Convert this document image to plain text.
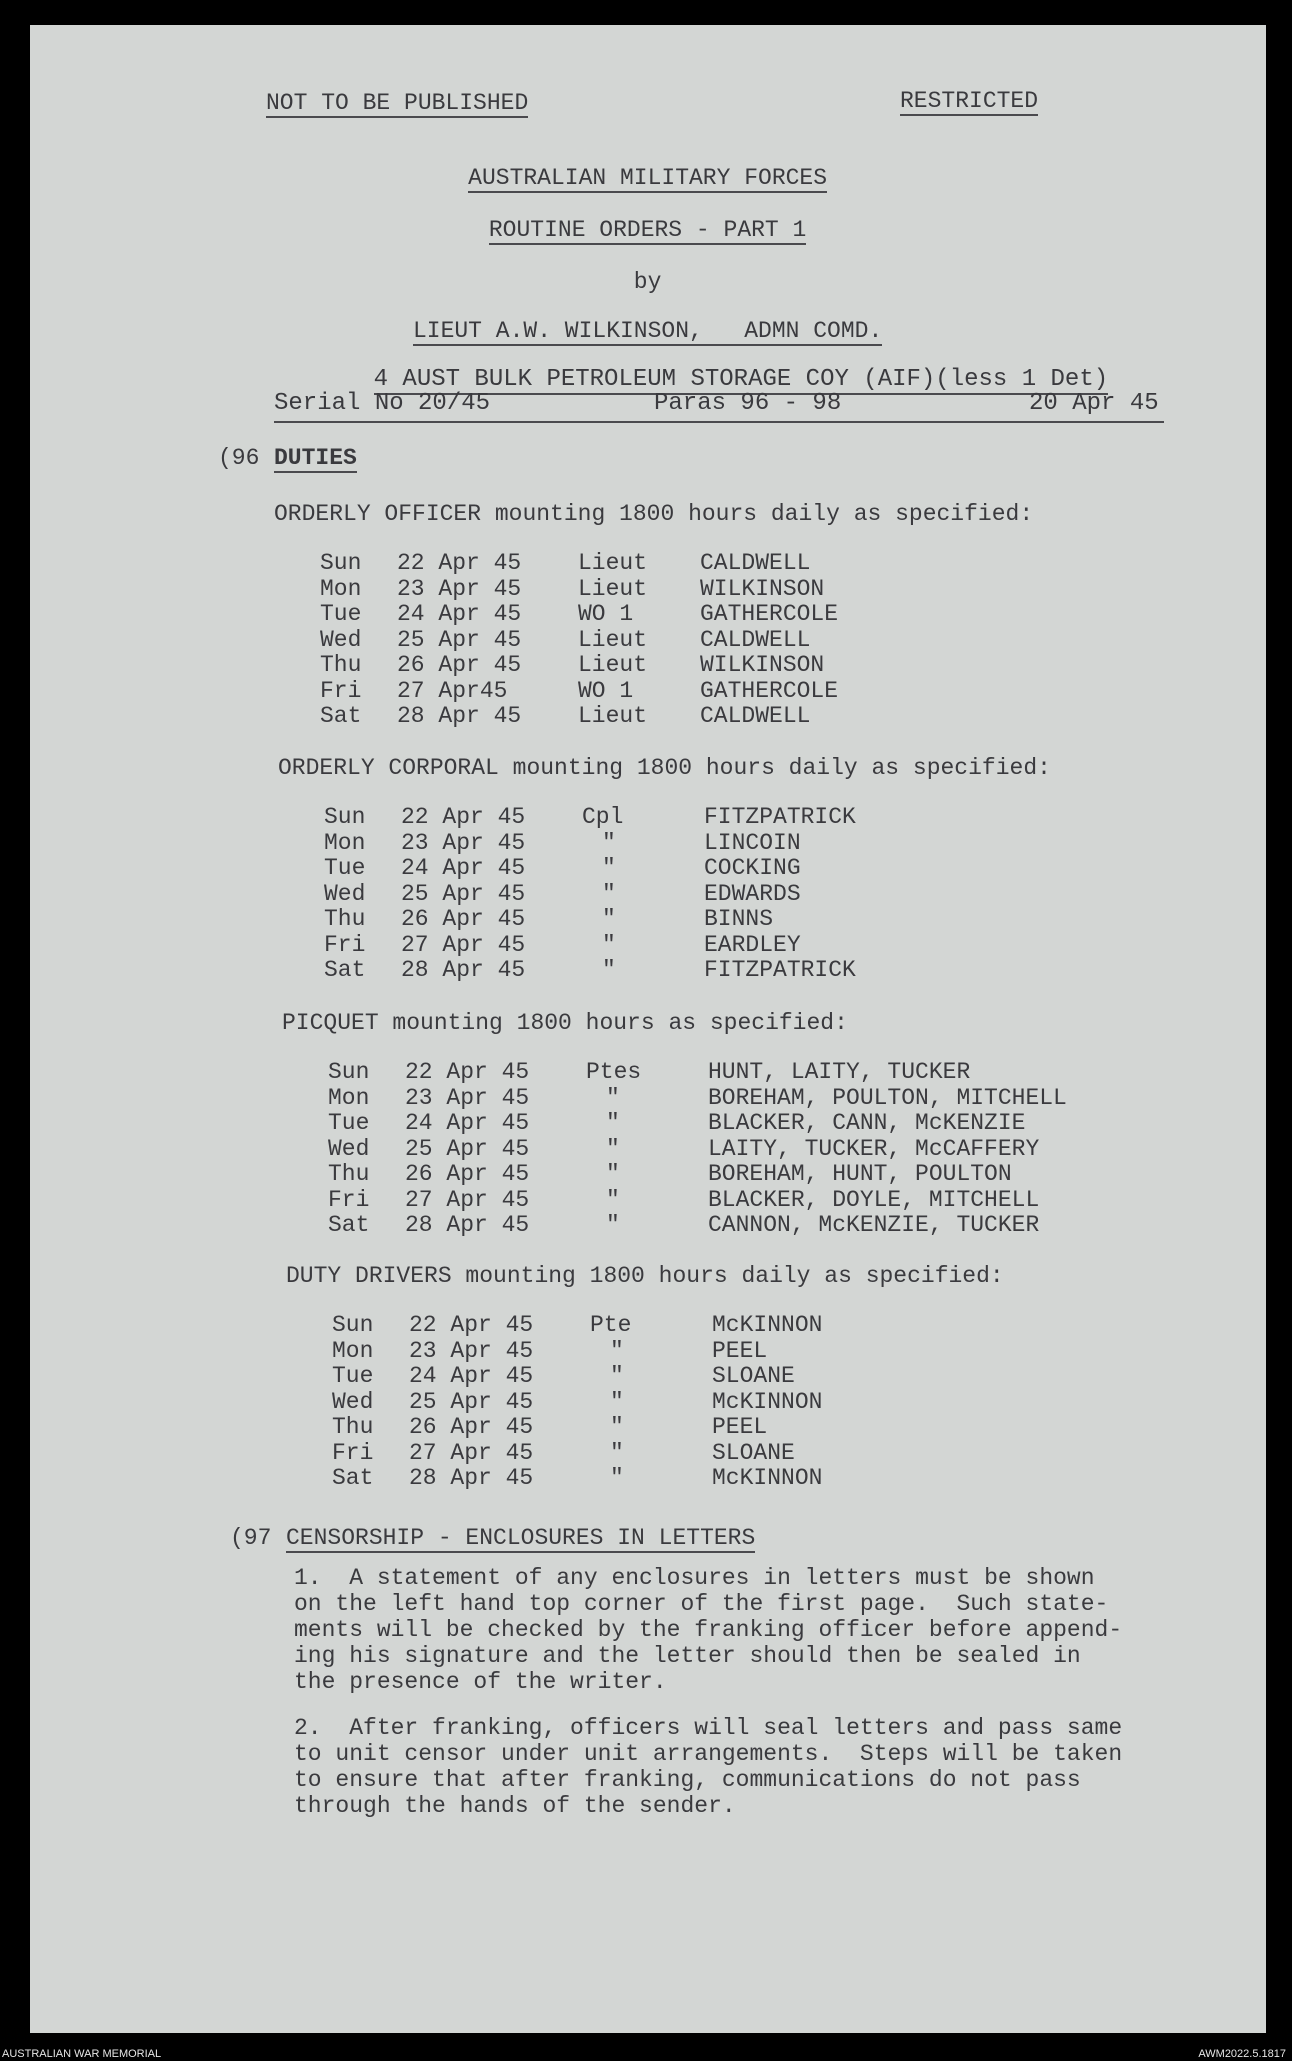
NOT TO BE PUBLISHED	RESTRICTED

AUSTRALIAN MILITARY FORCES

ROUTINE ORDERS - PART 1

by

LIEUT A.W. WILKINSON,   ADMN COMD.

4 AUST BULK PETROLEUM STORAGE COY (AIF)(less 1 Det)

Serial No 20/45	Paras 96 - 98	20 Apr 45
(96 DUTIES
ORDERLY OFFICER mounting 1800 hours daily as specified:
Sun 22 Apr 45 Lieut CALDWELL
Mon 23 Apr 45 Lieut WILKINSON
Tue 24 Apr 45 WO 1	GATHERCOLE
Wed 25 Apr 45 Lieut CALDWELL
Thu 26 Apr 45 Lieut WILKINSON
Fri 27 Apr45	WO 1	GATHERCOLE
Sat 28 Apr 45 Lieut CALDWELL
ORDERLY CORPORAL mounting 1800 hours daily as specified:
Sun 22 Apr 45 Cpl	FITZPATRICK
Mon 23 Apr 45	"	LINCOIN
Tue 24 Apr 45	"	COCKING
Wed 25 Apr 45	"	EDWARDS
Thu 26 Apr 45	"	BINNS
Fri 27 Apr 45	"	EARDLEY
Sat 28 Apr 45	"	FITZPATRICK
PICQUET mounting 1800 hours as specified:
Sun 22 Apr 45 Ptes	HUNT, LAITY, TUCKER
Mon 23 Apr 45	"	BOREHAM, POULTON, MITCHELL
Tue 24 Apr 45	"	BLACKER, CANN, McKENZIE
Wed 25 Apr 45	"	LAITY, TUCKER, McCAFFERY
Thu 26 Apr 45	"	BOREHAM, HUNT, POULTON
Fri 27 Apr 45	"	BLACKER, DOYLE, MITCHELL
Sat 28 Apr 45	"	CANNON, McKENZIE, TUCKER
DUTY DRIVERS mounting 1800 hours daily as specified:
Sun 22 Apr 45 Pte	McKINNON
Mon 23 Apr 45	"	PEEL
Tue 24 Apr 45	"	SLOANE
Wed 25 Apr 45	"	McKINNON
Thu 26 Apr 45	"	PEEL
Fri 27 Apr 45	"	SLOANE
Sat 28 Apr 45	"	McKINNON
(97 CENSORSHIP - ENCLOSURES IN LETTERS
1.  A statement of any enclosures in letters must be shown
on the left hand top corner of the first page.  Such state-
ments will be checked by the franking officer before append-
ing his signature and the letter should then be sealed in
the presence of the writer.
2.  After franking, officers will seal letters and pass same
to unit censor under unit arrangements.  Steps will be taken
to ensure that after franking, communications do not pass
through the hands of the sender.
AUSTRALIAN WAR MEMORIAL	AWM2022.5.1817
